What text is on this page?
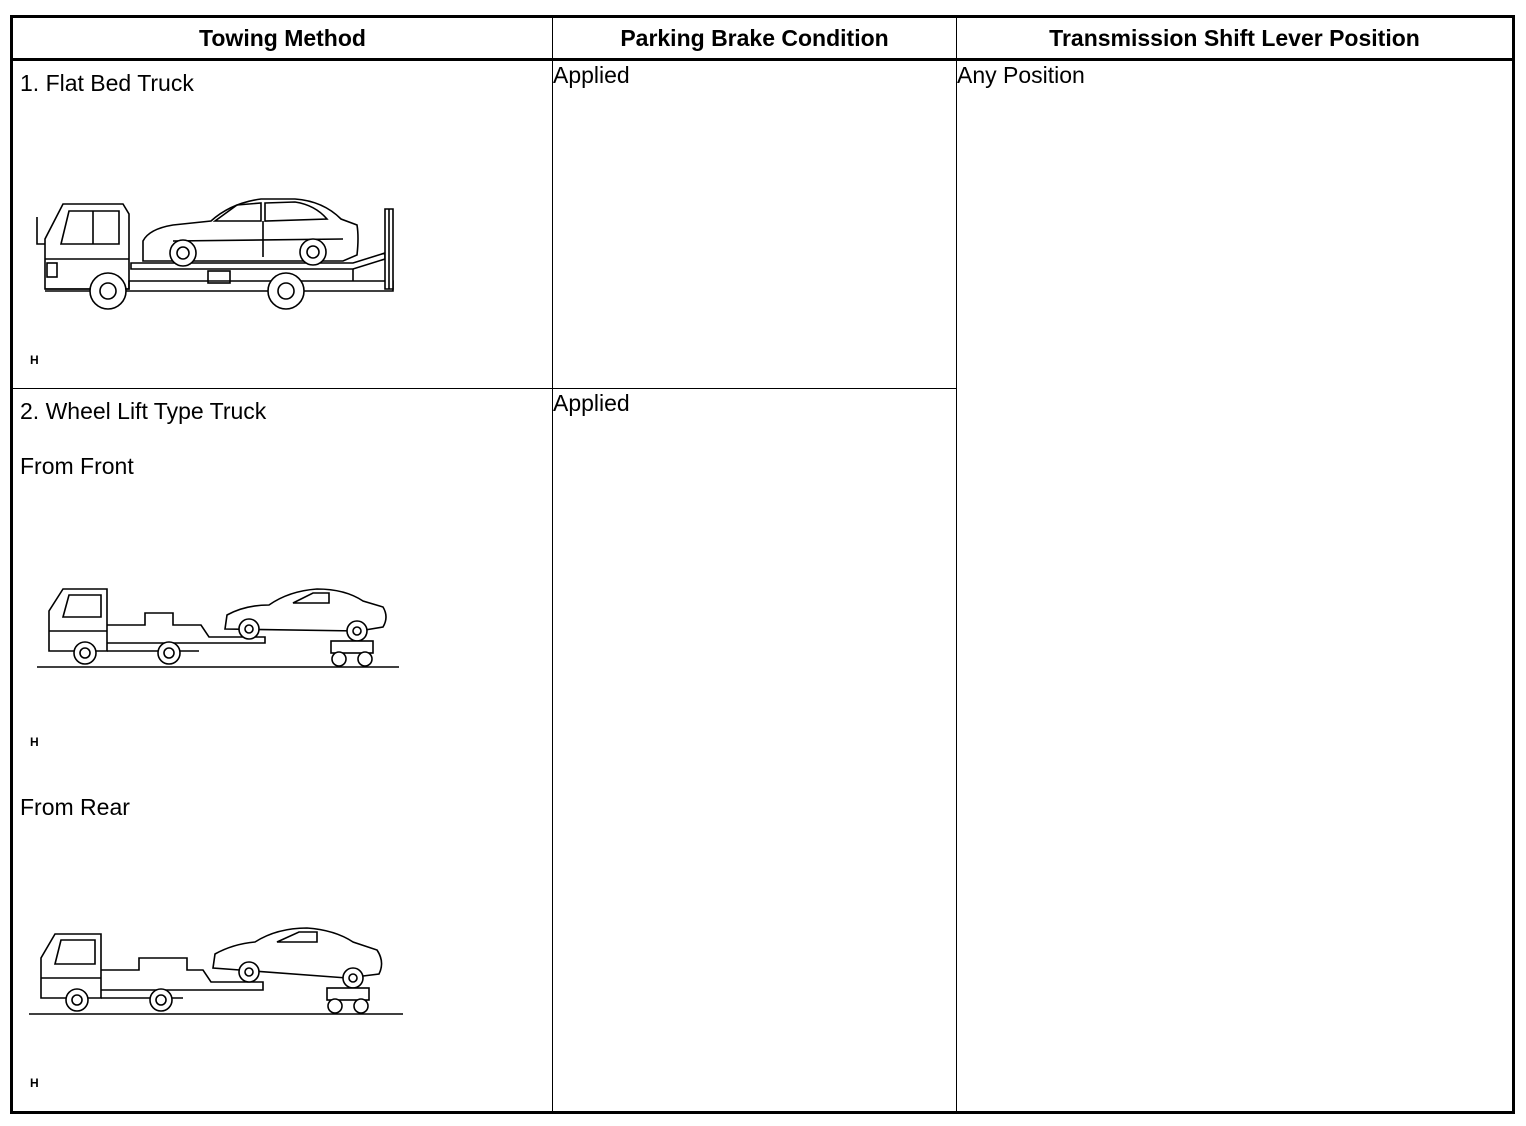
Towing Method	Parking Brake Condition	Transmission Shift Lever Position

1. Flat Bed Truck
H	Applied	Any Position

2. Wheel Lift Type Truck
From Front
H
From Rear
H	Applied	
